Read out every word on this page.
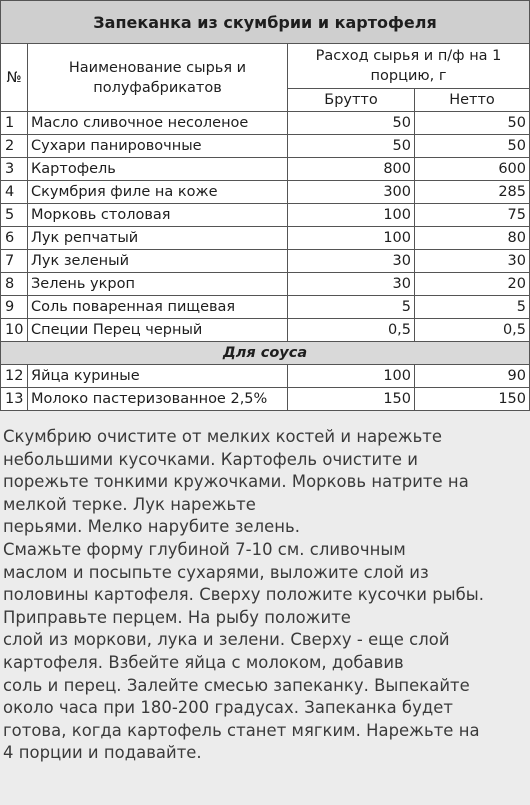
Запеканка из скумбрии и картофеля			
№	Наименование сырья и полуфабрикатов	Расход сырья и п/ф на 1 порцию, г	
		Брутто	Нетто
1	Масло сливочное несоленое	50	50
2	Сухари панировочные	50	50
3	Картофель	800	600
4	Скумбрия филе на коже	300	285
5	Морковь столовая	100	75
6	Лук репчатый	100	80
7	Лук зеленый	30	30
8	Зелень укроп	30	20
9	Соль поваренная пищевая	5	5
10	Специи Перец черный	0,5	0,5
Для соуса			
12	Яйца куриные	100	90
13	Молоко пастеризованное 2,5%	150	150
Скумбрию очистите от мелких костей и нарежьте
небольшими кусочками. Картофель очистите и
порежьте тонкими кружочками. Морковь натрите на
мелкой терке. Лук нарежьте
перьями. Мелко нарубите зелень.
Смажьте форму глубиной 7-10 см. сливочным
маслом и посыпьте сухарями, выложите слой из
половины картофеля. Сверху положите кусочки рыбы.
Приправьте перцем. На рыбу положите
слой из моркови, лука и зелени. Сверху - еще слой
картофеля. Взбейте яйца с молоком, добавив
соль и перец. Залейте смесью запеканку. Выпекайте
около часа при 180-200 градусах. Запеканка будет
готова, когда картофель станет мягким. Нарежьте на
4 порции и подавайте.
